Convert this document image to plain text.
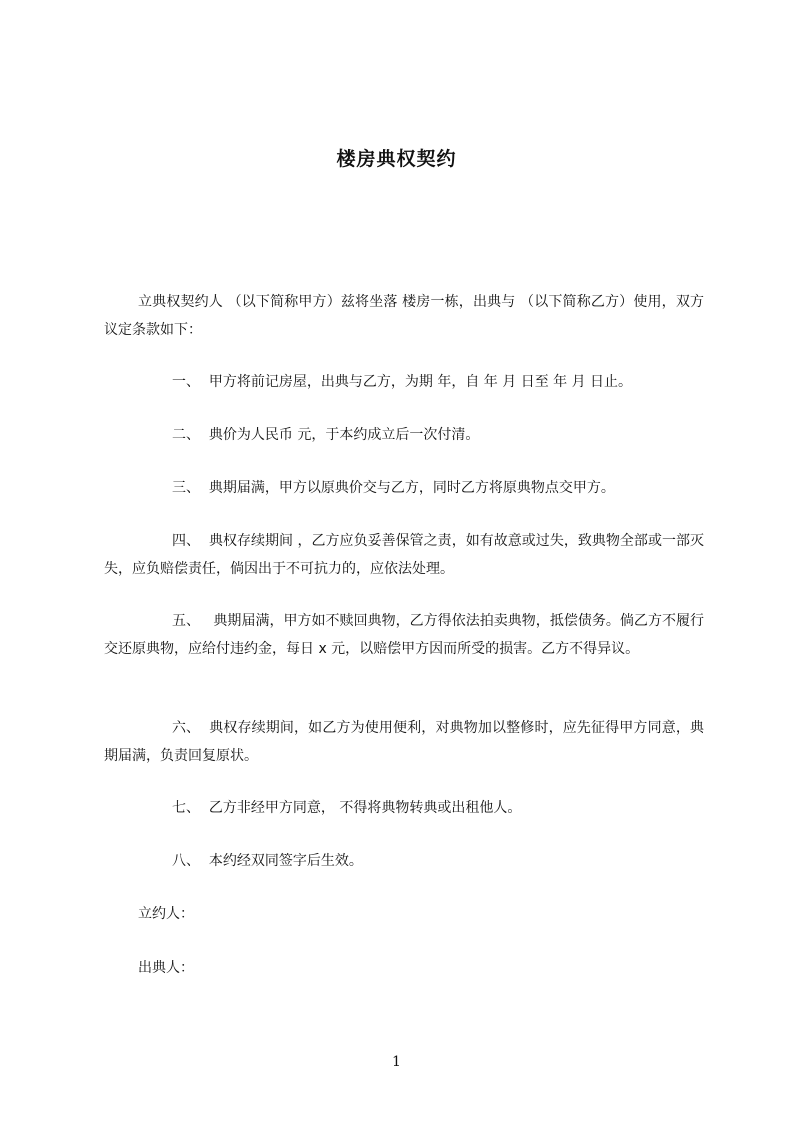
楼房典权契约

立典权契约人 （以下简称甲方）兹将坐落 楼房一栋，出典与 （以下简称乙方）使用，双方议定条款如下：

一、 甲方将前记房屋，出典与乙方，为期 年，自 年 月 日至 年 月 日止。

二、 典价为人民币 元，于本约成立后一次付清。

三、 典期届满，甲方以原典价交与乙方，同时乙方将原典物点交甲方。

四、 典权存续期间 ，乙方应负妥善保管之责，如有故意或过失，致典物全部或一部灭失，应负赔偿责任，倘因出于不可抗力的，应依法处理。

五、 典期届满，甲方如不赎回典物，乙方得依法拍卖典物，抵偿债务。倘乙方不履行交还原典物，应给付违约金，每日 x 元，以赔偿甲方因而所受的损害。乙方不得异议。

六、 典权存续期间，如乙方为使用便利，对典物加以整修时，应先征得甲方同意，典期届满，负责回复原状。

七、 乙方非经甲方同意， 不得将典物转典或出租他人。

八、 本约经双同签字后生效。

立约人：

出典人：

1
